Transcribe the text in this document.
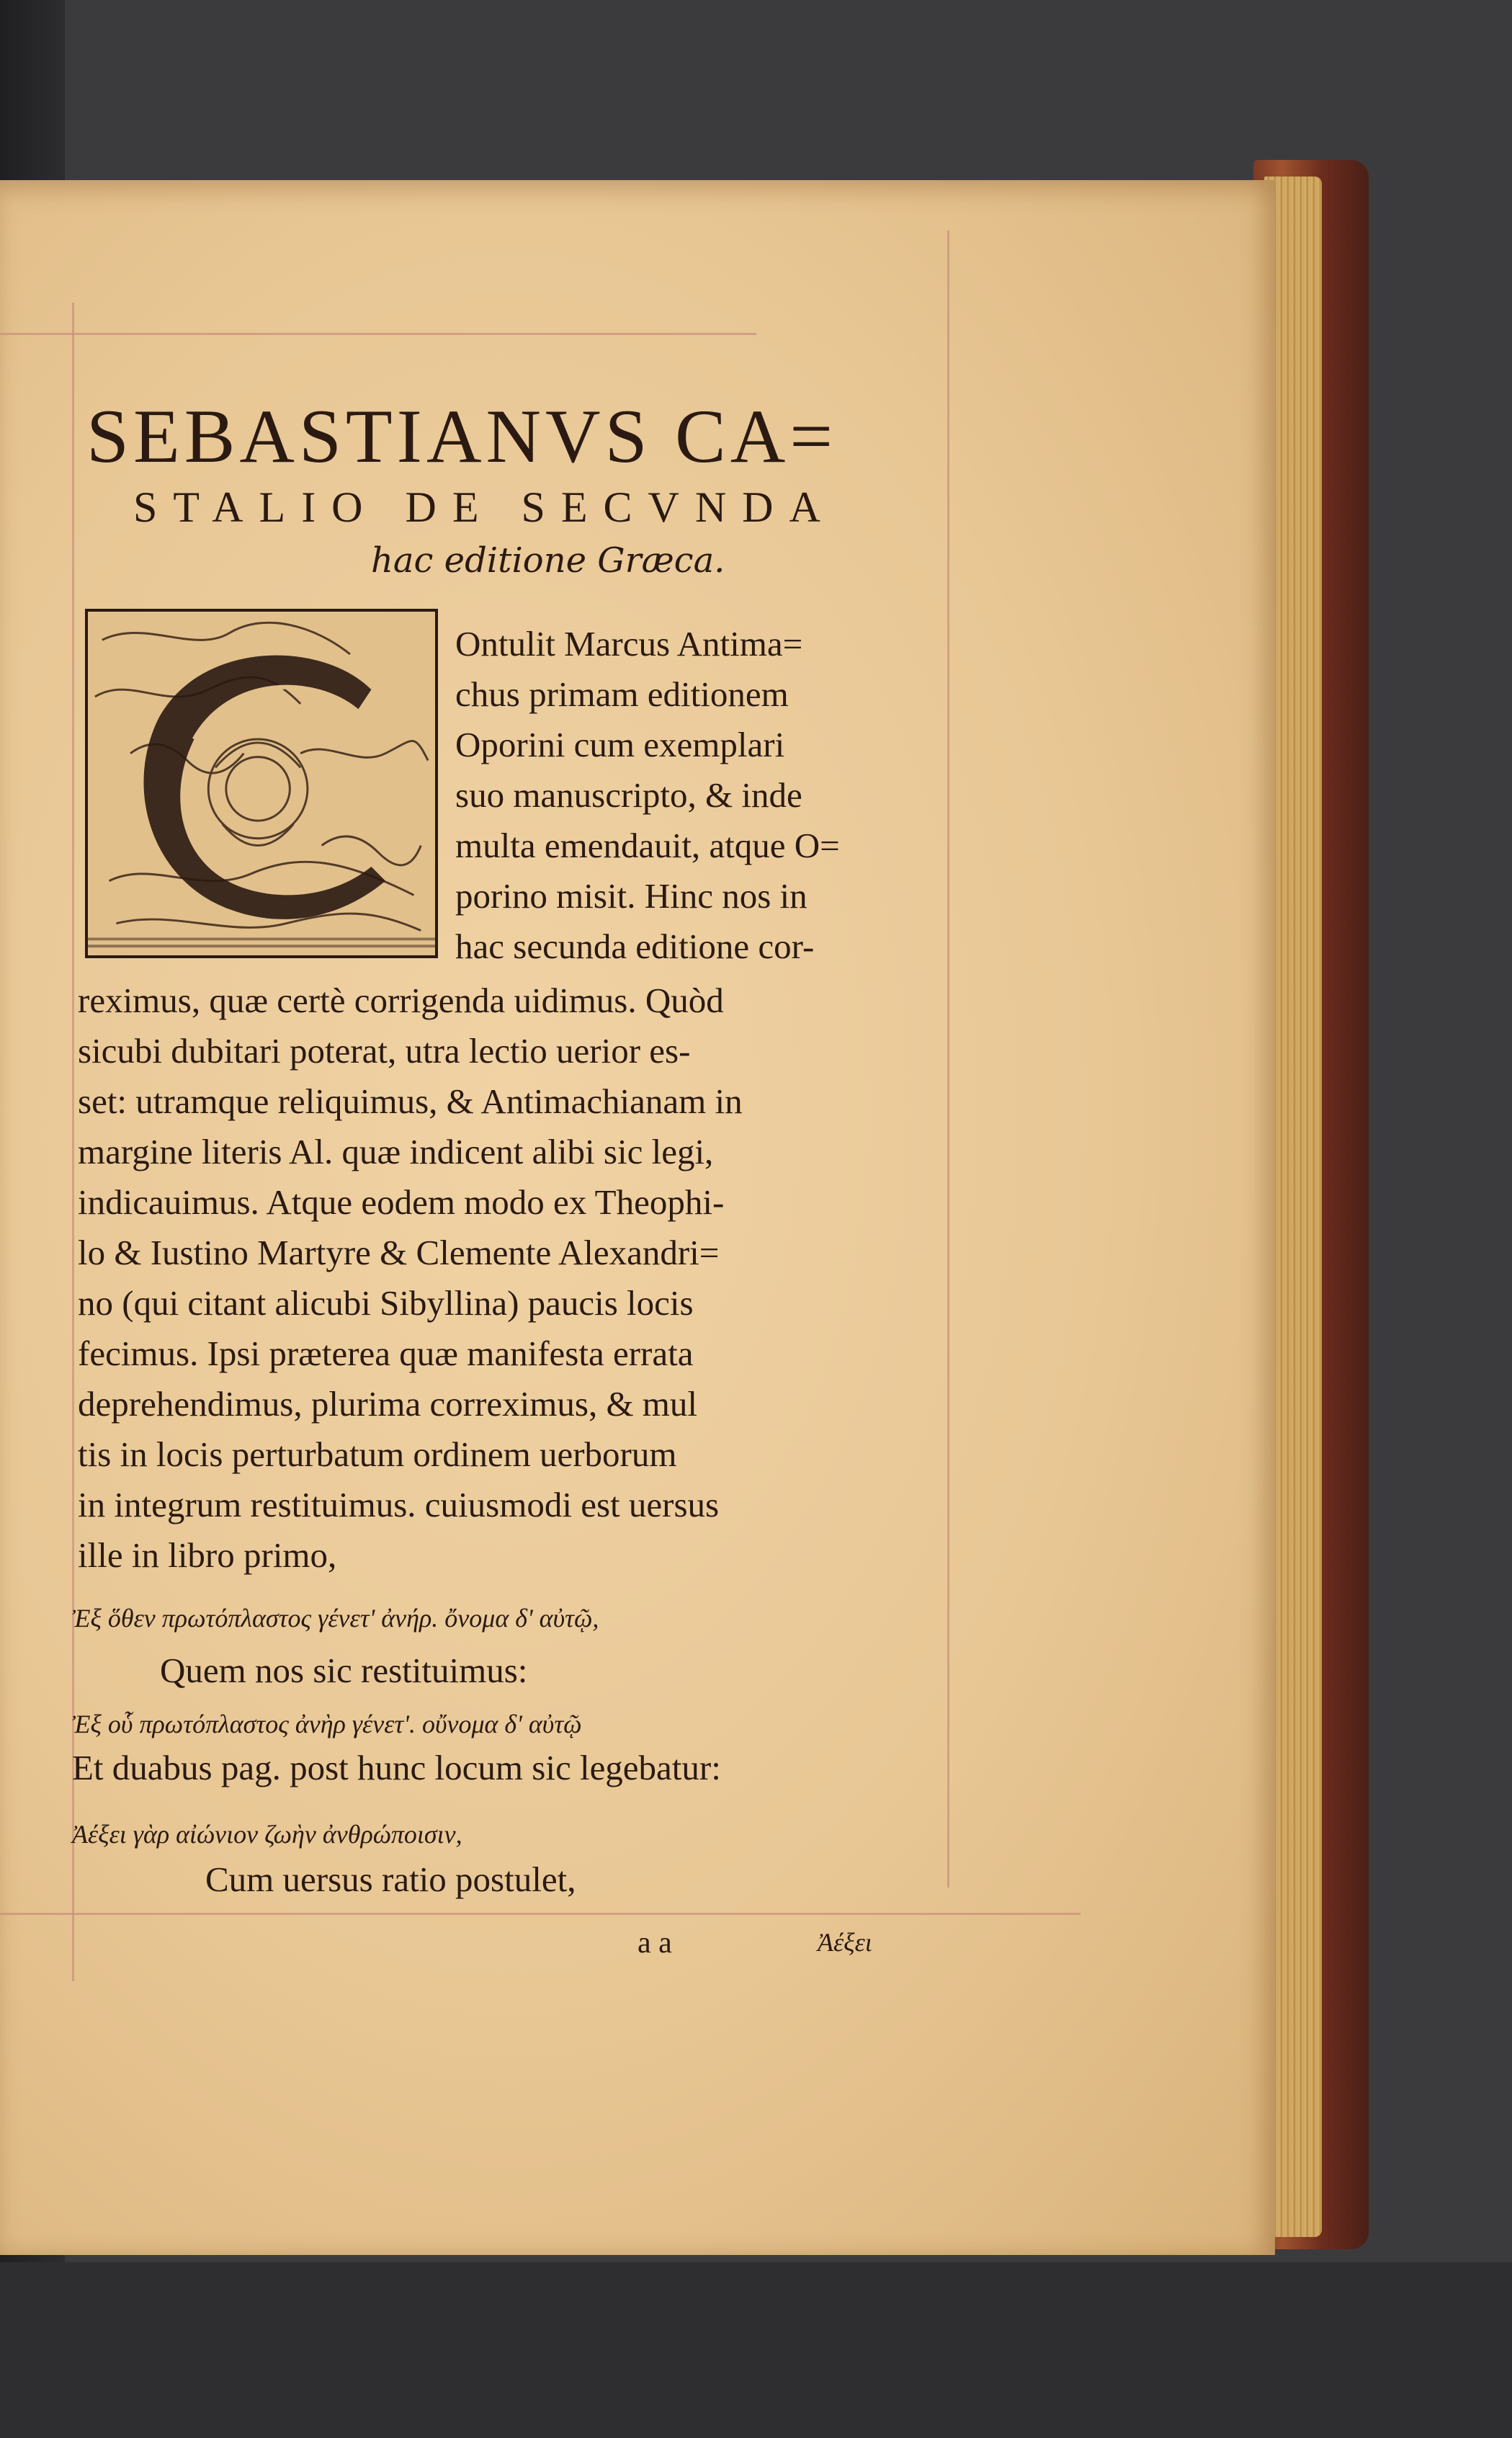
SEBASTIANVS CA=
STALIO DE SECVNDA
hac editione Græca.
Ontulit Marcus Antima=
chus primam editionem
Oporini cum exemplari
suo manuscripto, & inde
multa emendauit, atque O=
porino misit. Hinc nos in
hac secunda editione cor-
reximus, quæ certè corrigenda uidimus. Quòd
sicubi dubitari poterat, utra lectio uerior es-
set: utramque reliquimus, & Antimachianam in
margine literis Al. quæ indicent alibi sic legi,
indicauimus. Atque eodem modo ex Theophi-
lo & Iustino Martyre & Clemente Alexandri=
no (qui citant alicubi Sibyllina) paucis locis
fecimus. Ipsi præterea quæ manifesta errata
deprehendimus, plurima correximus, & mul
tis in locis perturbatum ordinem uerborum
in integrum restituimus. cuiusmodi est uersus
ille in libro primo,
Ἐξ ὅθεν πρωτόπλαστος γένετ' ἀνήρ. ὄνομα δ' αὐτῷ,
Quem nos sic restituimus:
Ἐξ οὗ πρωτόπλαστος ἀνὴρ γένετ'. οὔνομα δ' αὐτῷ
Et duabus pag. post hunc locum sic legebatur:
Ἀέξει γὰρ αἰώνιον ζωὴν ἀνθρώποισιν,
Cum uersus ratio postulet,
a a	Ἀέξει
